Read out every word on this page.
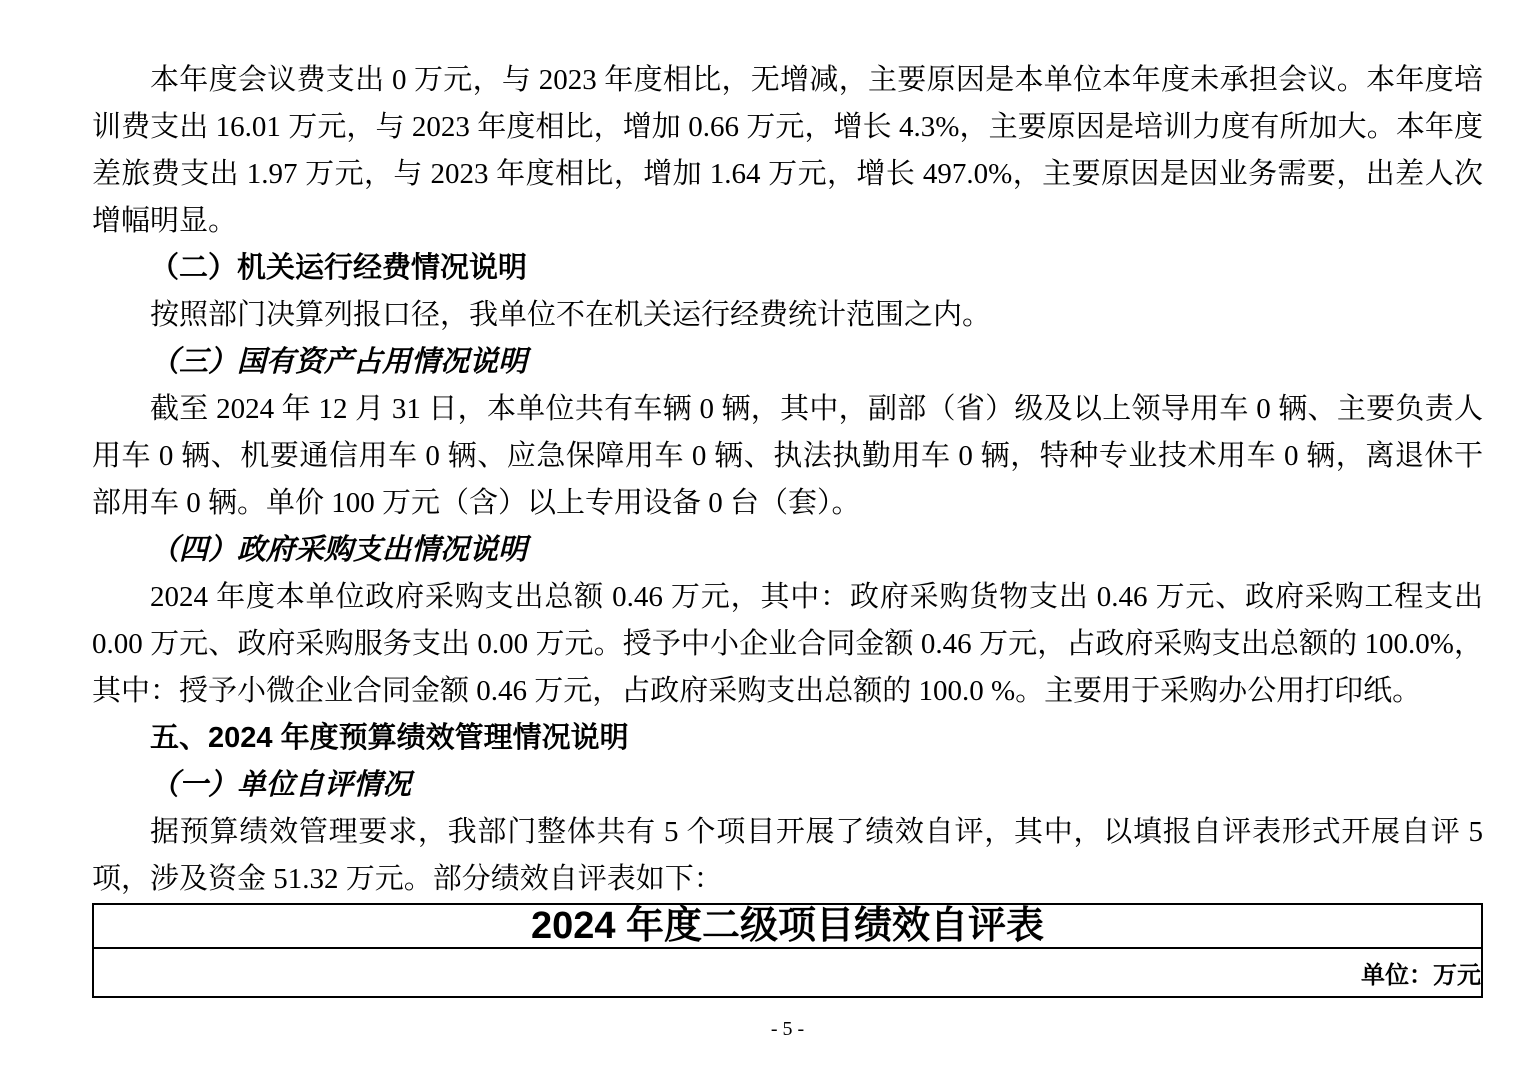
本年度会议费支出 0 万元，与 2023 年度相比，无增减，主要原因是本单位本年度未承担会议。本年度培训费支出 16.01 万元，与 2023 年度相比，增加 0.66 万元，增长 4.3%，主要原因是培训力度有所加大。本年度差旅费支出 1.97 万元，与 2023 年度相比，增加 1.64 万元，增长 497.0%，主要原因是因业务需要，出差人次增幅明显。

（二）机关运行经费情况说明

按照部门决算列报口径，我单位不在机关运行经费统计范围之内。

（三）国有资产占用情况说明

截至 2024 年 12 月 31 日，本单位共有车辆 0 辆，其中，副部（省）级及以上领导用车 0 辆、主要负责人用车 0 辆、机要通信用车 0 辆、应急保障用车 0 辆、执法执勤用车 0 辆，特种专业技术用车 0 辆，离退休干部用车 0 辆。单价 100 万元（含）以上专用设备 0 台（套）。

（四）政府采购支出情况说明

2024 年度本单位政府采购支出总额 0.46 万元，其中：政府采购货物支出 0.46 万元、政府采购工程支出 0.00 万元、政府采购服务支出 0.00 万元。授予中小企业合同金额 0.46 万元，占政府采购支出总额的 100.0%，其中：授予小微企业合同金额 0.46 万元，占政府采购支出总额的 100.0 %。主要用于采购办公用打印纸。

五、2024 年度预算绩效管理情况说明
（一）单位自评情况

据预算绩效管理要求，我部门整体共有 5 个项目开展了绩效自评，其中，以填报自评表形式开展自评 5 项，涉及资金 51.32 万元。部分绩效自评表如下：

2024 年度二级项目绩效自评表
单位：万元
- 5 -
